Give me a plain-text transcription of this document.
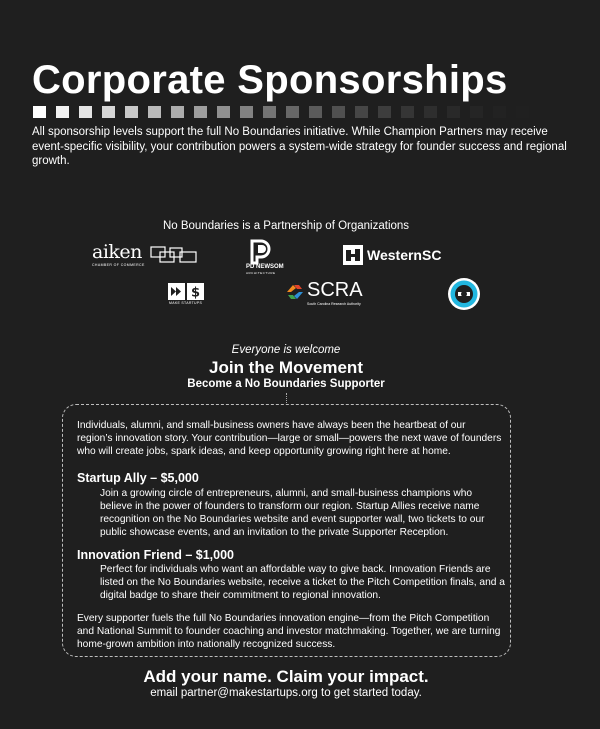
Corporate Sponsorships

All sponsorship levels support the full No Boundaries initiative. While Champion Partners may receive event-specific visibility, your contribution powers a system-wide strategy for founder success and regional growth.

No Boundaries is a Partnership of Organizations
aiken
CHAMBER OF COMMERCE	PD NEWSOM
ARCHITECTURE
WesternSC
$
MAKE STARTUPS
SCRA
South Carolina Research Authority
Everyone is welcome
Join the Movement
Become a No Boundaries Supporter

Individuals, alumni, and small-business owners have always been the heartbeat of our region’s innovation story. Your contribution—large or small—powers the next wave of founders who will create jobs, spark ideas, and keep opportunity growing right here at home.

Startup Ally – $5,000

Join a growing circle of entrepreneurs, alumni, and small-business champions who believe in the power of founders to transform our region. Startup Allies receive name recognition on the No Boundaries website and event supporter wall, two tickets to our public showcase events, and an invitation to the private Supporter Reception.

Innovation Friend – $1,000

Perfect for individuals who want an affordable way to give back. Innovation Friends are listed on the No Boundaries website, receive a ticket to the Pitch Competition finals, and a digital badge to share their commitment to regional innovation.

Every supporter fuels the full No Boundaries innovation engine—from the Pitch Competition and National Summit to founder coaching and investor matchmaking. Together, we are turning home-grown ambition into nationally recognized success.

Add your name. Claim your impact.
email partner@makestartups.org to get started today.
